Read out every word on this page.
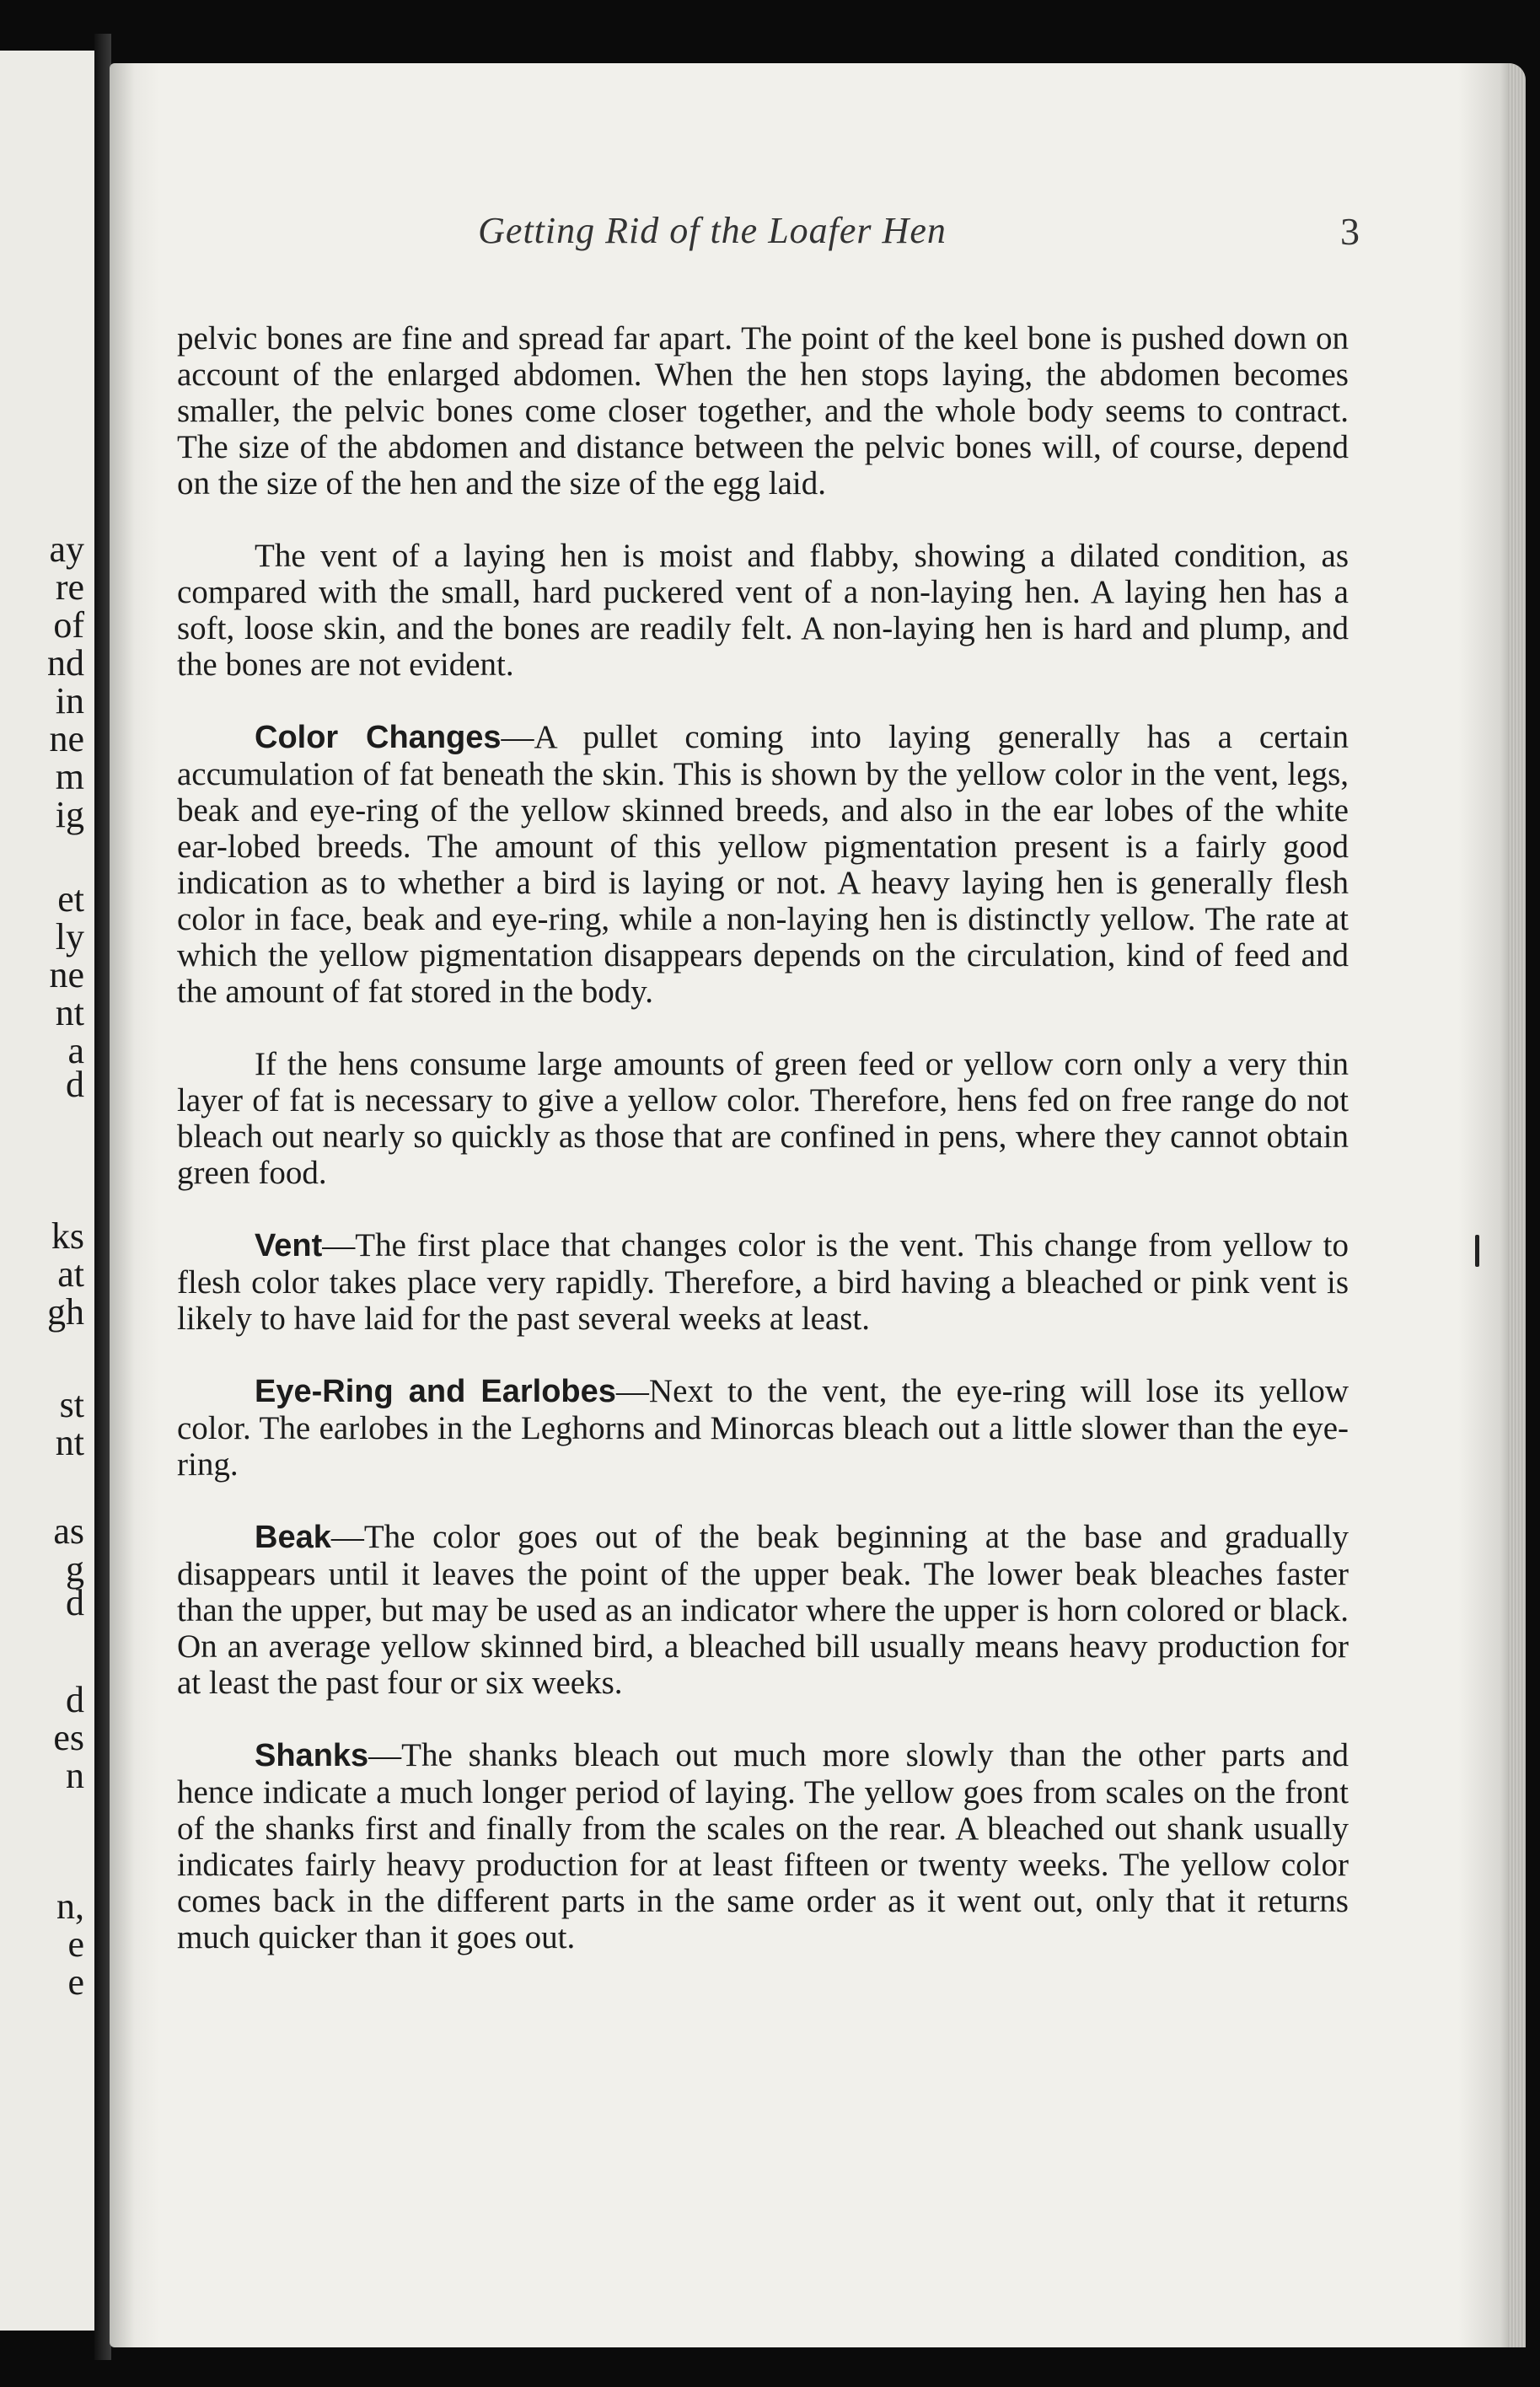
ay
re
of
nd
in
ne
m
ig
et
ly
ne
nt
a
d
ks
at
gh
st
nt
as
g
d
d
es
n
n,
e
e
Getting Rid of the Loafer Hen	3

pelvic bones are fine and spread far apart. The point of the keel bone is pushed down on account of the enlarged abdomen. When the hen stops laying, the abdomen becomes smaller, the pelvic bones come closer together, and the whole body seems to contract. The size of the abdomen and distance between the pelvic bones will, of course, depend on the size of the hen and the size of the egg laid.

The vent of a laying hen is moist and flabby, showing a dilated condition, as compared with the small, hard puckered vent of a non-laying hen. A laying hen has a soft, loose skin, and the bones are readily felt. A non-laying hen is hard and plump, and the bones are not evident.

Color Changes—A pullet coming into laying generally has a certain accumulation of fat beneath the skin. This is shown by the yellow color in the vent, legs, beak and eye-ring of the yellow skinned breeds, and also in the ear lobes of the white ear-lobed breeds. The amount of this yellow pigmentation present is a fairly good indication as to whether a bird is laying or not. A heavy laying hen is generally flesh color in face, beak and eye-ring, while a non-laying hen is distinctly yellow. The rate at which the yellow pigmentation disappears depends on the circulation, kind of feed and the amount of fat stored in the body.

If the hens consume large amounts of green feed or yellow corn only a very thin layer of fat is necessary to give a yellow color. Therefore, hens fed on free range do not bleach out nearly so quickly as those that are confined in pens, where they cannot obtain green food.

Vent—The first place that changes color is the vent. This change from yellow to flesh color takes place very rapidly. Therefore, a bird having a bleached or pink vent is likely to have laid for the past several weeks at least.

Eye-Ring and Earlobes—Next to the vent, the eye-ring will lose its yellow color. The earlobes in the Leghorns and Minorcas bleach out a little slower than the eye-ring.

Beak—The color goes out of the beak beginning at the base and gradually disappears until it leaves the point of the upper beak. The lower beak bleaches faster than the upper, but may be used as an indicator where the upper is horn colored or black. On an average yellow skinned bird, a bleached bill usually means heavy production for at least the past four or six weeks.

Shanks—The shanks bleach out much more slowly than the other parts and hence indicate a much longer period of laying. The yellow goes from scales on the front of the shanks first and finally from the scales on the rear. A bleached out shank usually indicates fairly heavy production for at least fifteen or twenty weeks. The yellow color comes back in the different parts in the same order as it went out, only that it returns much quicker than it goes out.
